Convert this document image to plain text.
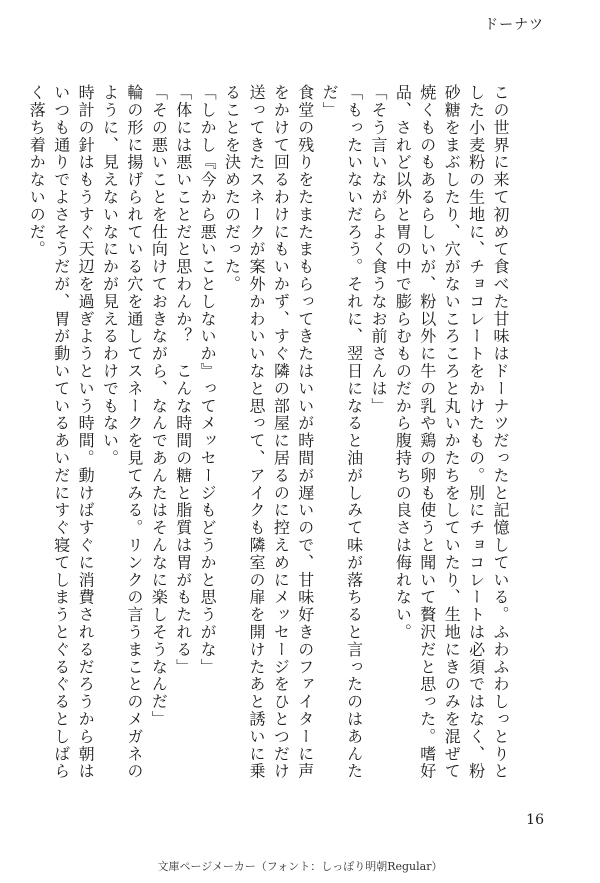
ドーナツ

この世界に来て初めて食べた甘味はドーナツだったと記憶している。ふわふわしっとりとした小麦粉の生地に、チョコレートをかけたもの。別にチョコレートは必須ではなく、粉砂糖をまぶしたり、穴がないころころと丸いかたちをしていたり、生地にきのみを混ぜて焼くものもあるらしいが、粉以外に牛の乳や鶏の卵も使うと聞いて贅沢だと思った。嗜好品、されど以外と胃の中で膨らむものだから腹持ちの良さは侮れない。

「そう言いながらよく食うなお前さんは」

「もったいないだろう。それに、翌日になると油がしみて味が落ちると言ったのはあんただ」

食堂の残りをたまたまもらってきたはいいが時間が遅いので、甘味好きのファイターに声をかけて回るわけにもいかず、すぐ隣の部屋に居るのに控えめにメッセージをひとつだけ送ってきたスネークが案外かわいいなと思って、アイクも隣室の扉を開けたあと誘いに乗ることを決めたのだった。

「しかし『今から悪いことしないか』ってメッセージもどうかと思うがな」

「体には悪いことだと思わんか？　こんな時間の糖と脂質は胃がもたれる」

「その悪いことを仕向けておきながら、なんであんたはそんなに楽しそうなんだ」

輪の形に揚げられている穴を通してスネークを見てみる。リンクの言うまことのメガネのように、見えないなにかが見えるわけでもない。

時計の針はもうすぐ天辺を過ぎようという時間。動けばすぐに消費されるだろうから朝はいつも通りでよさそうだが、胃が動いているあいだにすぐ寝てしまうとぐるぐるとしばらく落ち着かないのだ。

16
文庫ページメーカー（フォント：しっぽり明朝Regular）
